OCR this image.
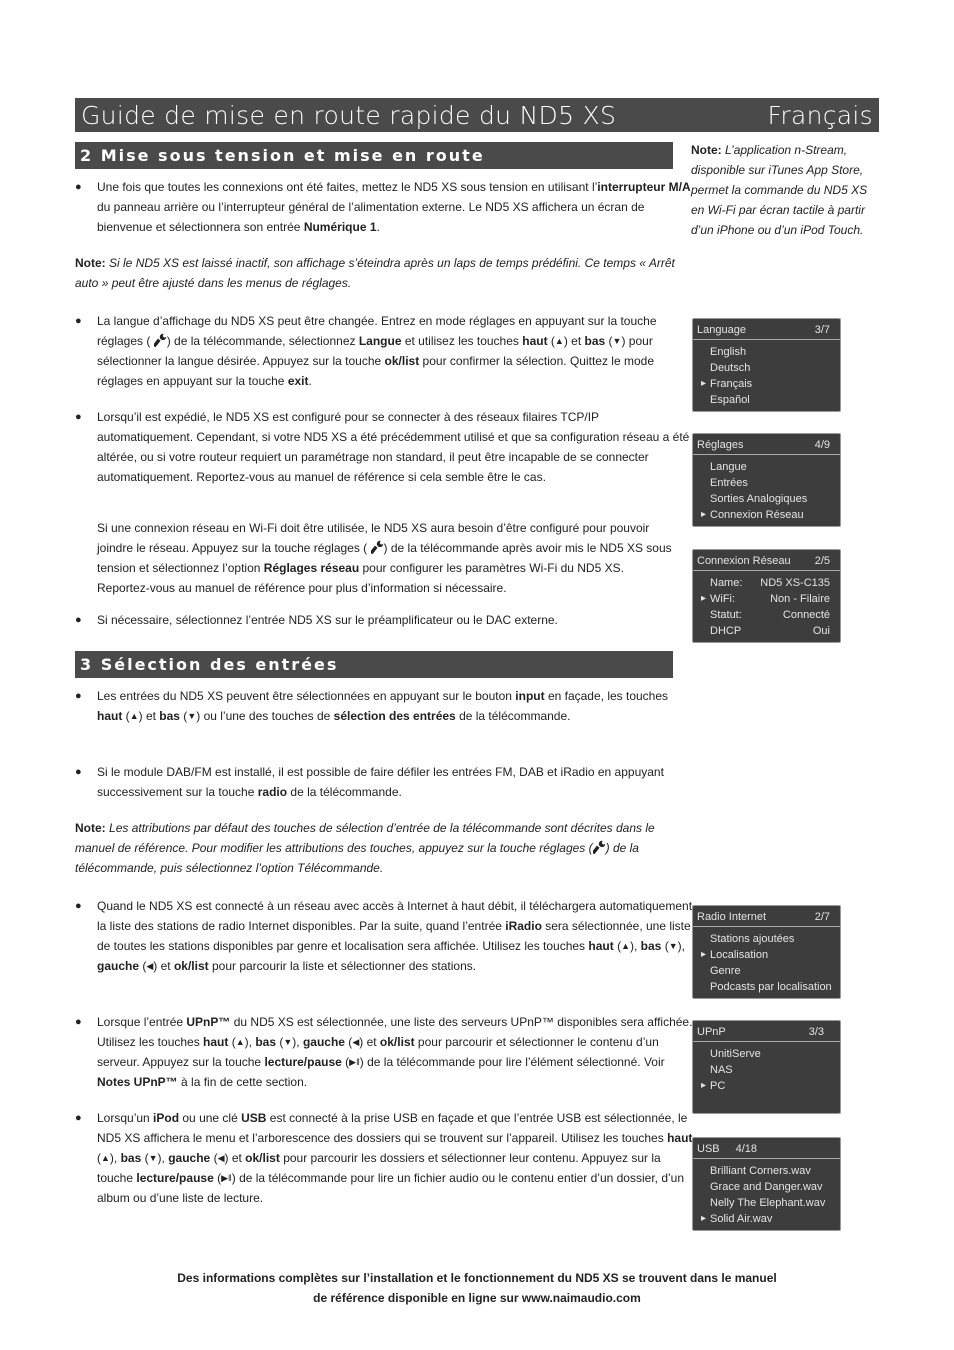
Guide de mise en route rapide du ND5 XS	Français
2 Mise sous tension et mise en route
● Une fois que toutes les connexions ont été faites, mettez le ND5 XS sous tension en utilisant l’interrupteur M/A du panneau arrière ou l’interrupteur général de l’alimentation externe. Le ND5 XS affichera un écran de bienvenue et sélectionnera son entrée Numérique 1.
Note: Si le ND5 XS est laissé inactif, son affichage s’éteindra après un laps de temps prédéfini. Ce temps « Arrêt auto » peut être ajusté dans les menus de réglages.
● La langue d’affichage du ND5 XS peut être changée. Entrez en mode réglages en appuyant sur la touche réglages ( ) de la télécommande, sélectionnez Langue et utilisez les touches haut (▲) et bas (▼) pour sélectionner la langue désirée. Appuyez sur la touche ok/list pour confirmer la sélection. Quittez le mode réglages en appuyant sur la touche exit.
● Lorsqu’il est expédié, le ND5 XS est configuré pour se connecter à des réseaux filaires TCP/IP automatiquement. Cependant, si votre ND5 XS a été précédemment utilisé et que sa configuration réseau a été altérée, ou si votre routeur requiert un paramétrage non standard, il peut être incapable de se connecter automatiquement. Reportez-vous au manuel de référence si cela semble être le cas.
Si une connexion réseau en Wi-Fi doit être utilisée, le ND5 XS aura besoin d’être configuré pour pouvoir joindre le réseau. Appuyez sur la touche réglages ( ) de la télécommande après avoir mis le ND5 XS sous tension et sélectionnez l’option Réglages réseau pour configurer les paramètres Wi-Fi du ND5 XS. Reportez-vous au manuel de référence pour plus d’information si nécessaire.
● Si nécessaire, sélectionnez l’entrée ND5 XS sur le préamplificateur ou le DAC externe.
3 Sélection des entrées
● Les entrées du ND5 XS peuvent être sélectionnées en appuyant sur le bouton input en façade, les touches haut (▲) et bas (▼) ou l’une des touches de sélection des entrées de la télécommande.
● Si le module DAB/FM est installé, il est possible de faire défiler les entrées FM, DAB et iRadio en appuyant successivement sur la touche radio de la télécommande.
Note: Les attributions par défaut des touches de sélection d’entrée de la télécommande sont décrites dans le manuel de référence. Pour modifier les attributions des touches, appuyez sur la touche réglages ( ) de la télécommande, puis sélectionnez l’option Télécommande.
● Quand le ND5 XS est connecté à un réseau avec accès à Internet à haut débit, il téléchargera automatiquement la liste des stations de radio Internet disponibles. Par la suite, quand l’entrée iRadio sera sélectionnée, une liste de toutes les stations disponibles par genre et localisation sera affichée. Utilisez les touches haut (▲), bas (▼), gauche (◀) et ok/list pour parcourir la liste et sélectionner des stations.
● Lorsque l’entrée UPnP™ du ND5 XS est sélectionnée, une liste des serveurs UPnP™ disponibles sera affichée. Utilisez les touches haut (▲), bas (▼), gauche (◀) et ok/list pour parcourir et sélectionner le contenu d’un serveur. Appuyez sur la touche lecture/pause (▶‖) de la télécommande pour lire l’élément sélectionné. Voir Notes UPnP™ à la fin de cette section.
● Lorsqu’un iPod ou une clé USB est connecté à la prise USB en façade et que l’entrée USB est sélectionnée, le ND5 XS affichera le menu et l’arborescence des dossiers qui se trouvent sur l’appareil. Utilisez les touches haut (▲), bas (▼), gauche (◀) et ok/list pour parcourir les dossiers et sélectionner leur contenu. Appuyez sur la touche lecture/pause (▶‖) de la télécommande pour lire un fichier audio ou le contenu entier d’un dossier, d’un album ou d’une liste de lecture.
Note: L’application n-Stream, disponible sur iTunes App Store, permet la commande du ND5 XS en Wi-Fi par écran tactile à partir d’un iPhone ou d’un iPod Touch.
Language	3/7
English
Deutsch
▸ Français
Español
Réglages	4/9
Langue
Entrées
Sorties Analogiques
▸ Connexion Réseau
Connexion Réseau 2/5
Name: ND5 XS-C135
▸ WiFi:	Non - Filaire
Statut:	Connecté
DHCP	Oui
Radio Internet	2/7
Stations ajoutées
▸ Localisation
Genre
Podcasts par localisation
UPnP	3/3
UnitiServe
NAS
▸ PC
USB 4/18
Brilliant Corners.wav
Grace and Danger.wav
Nelly The Elephant.wav
▸ Solid Air.wav
Des informations complètes sur l’installation et le fonctionnement du ND5 XS se trouvent dans le manuel
de référence disponible en ligne sur www.naimaudio.com
